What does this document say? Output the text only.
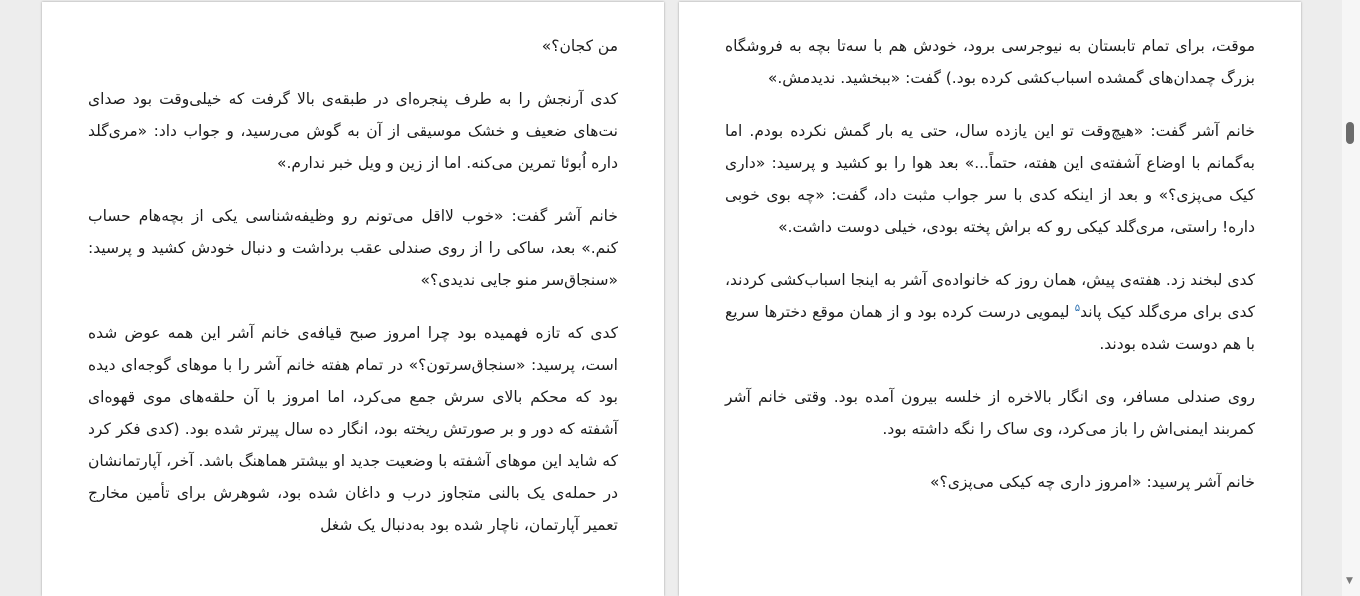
من کجان؟»

کدی آرنجش را به طرف پنجره‌ای در طبقه‌ی بالا گرفت که خیلی‌وقت بود صدای نت‌های ضعیف و خشک موسیقی از آن به گوش می‌رسید، و جواب داد: «مری‌گلد داره اُبوئا تمرین می‌کنه. اما از زین و ویل خبر ندارم.»

خانم آشر گفت: «خوب لااقل می‌تونم رو وظیفه‌شناسی یکی از بچه‌هام حساب کنم.» بعد، ساکی را از روی صندلی عقب برداشت و دنبال خودش کشید و پرسید: «سنجاق‌سر منو جایی ندیدی؟»

کدی که تازه فهمیده بود چرا امروز صبح قیافه‌ی خانم آشر این همه عوض شده است، پرسید: «سنجاق‌سرتون؟» در تمام هفته خانم آشر را با موهای گوجه‌ای دیده بود که محکم بالای سرش جمع می‌کرد، اما امروز با آن حلقه‌های موی قهوه‌ای آشفته که دور و بر صورتش ریخته بود، انگار ده سال پیرتر شده بود. (کدی فکر کرد که شاید این موهای آشفته با وضعیت جدید او بیشتر هماهنگ باشد. آخر، آپارتمانشان در حمله‌ی یک بالنی متجاوز درب و داغان شده بود، شوهرش برای تأمین مخارج تعمیر آپارتمان، ناچار شده بود به‌دنبال یک شغل

موقت، برای تمام تابستان به نیوجرسی برود، خودش هم با سه‌تا بچه به فروشگاه بزرگ چمدان‌های گمشده اسباب‌کشی کرده بود.) گفت: «ببخشید. ندیدمش.»

خانم آشر گفت: «هیچ‌وقت تو این یازده سال، حتی یه بار گمش نکرده بودم. اما به‌گمانم با اوضاع آشفته‌ی این هفته، حتماً...» بعد هوا را بو کشید و پرسید: «داری کیک می‌پزی؟» و بعد از اینکه کدی با سر جواب مثبت داد، گفت: «چه بوی خوبی داره! راستی، مری‌گلد کیکی رو که براش پخته بودی، خیلی دوست داشت.»

کدی لبخند زد. هفته‌ی پیش، همان روز که خانواده‌ی آشر به اینجا اسباب‌کشی کردند، کدی برای مری‌گلد کیک پاند$^۵$ لیمویی درست کرده بود و از همان موقع دخترها سریع با هم دوست شده بودند.

روی صندلی مسافر، وی انگار بالاخره از خلسه بیرون آمده بود. وقتی خانم آشر کمربند ایمنی‌اش را باز می‌کرد، وی ساک را نگه داشته بود.

خانم آشر پرسید: «امروز داری چه کیکی می‌پزی؟»

▼
